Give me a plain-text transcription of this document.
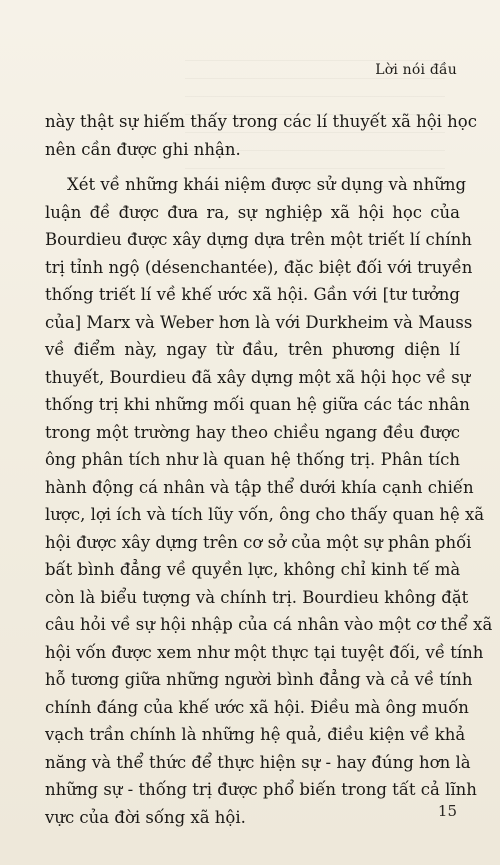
Lời nói đầu
này thật sự hiếm thấy trong các lí thuyết xã hội học
nên cần được ghi nhận.
Xét về những khái niệm được sử dụng và những
luận đề được đưa ra, sự nghiệp xã hội học của
Bourdieu được xây dựng dựa trên một triết lí chính
trị tỉnh ngộ (désenchantée), đặc biệt đối với truyền
thống triết lí về khế ước xã hội. Gần với [tư tưởng
của] Marx và Weber hơn là với Durkheim và Mauss
về điểm này, ngay từ đầu, trên phương diện lí
thuyết, Bourdieu đã xây dựng một xã hội học về sự
thống trị khi những mối quan hệ giữa các tác nhân
trong một trường hay theo chiều ngang đều được
ông phân tích như là quan hệ thống trị. Phân tích
hành động cá nhân và tập thể dưới khía cạnh chiến
lược, lợi ích và tích lũy vốn, ông cho thấy quan hệ xã
hội được xây dựng trên cơ sở của một sự phân phối
bất bình đẳng về quyền lực, không chỉ kinh tế mà
còn là biểu tượng và chính trị. Bourdieu không đặt
câu hỏi về sự hội nhập của cá nhân vào một cơ thể xã
hội vốn được xem như một thực tại tuyệt đối, về tính
hỗ tương giữa những người bình đẳng và cả về tính
chính đáng của khế ước xã hội. Điều mà ông muốn
vạch trần chính là những hệ quả, điều kiện về khả
năng và thể thức để thực hiện sự - hay đúng hơn là
những sự - thống trị được phổ biến trong tất cả lĩnh
vực của đời sống xã hội.	15
